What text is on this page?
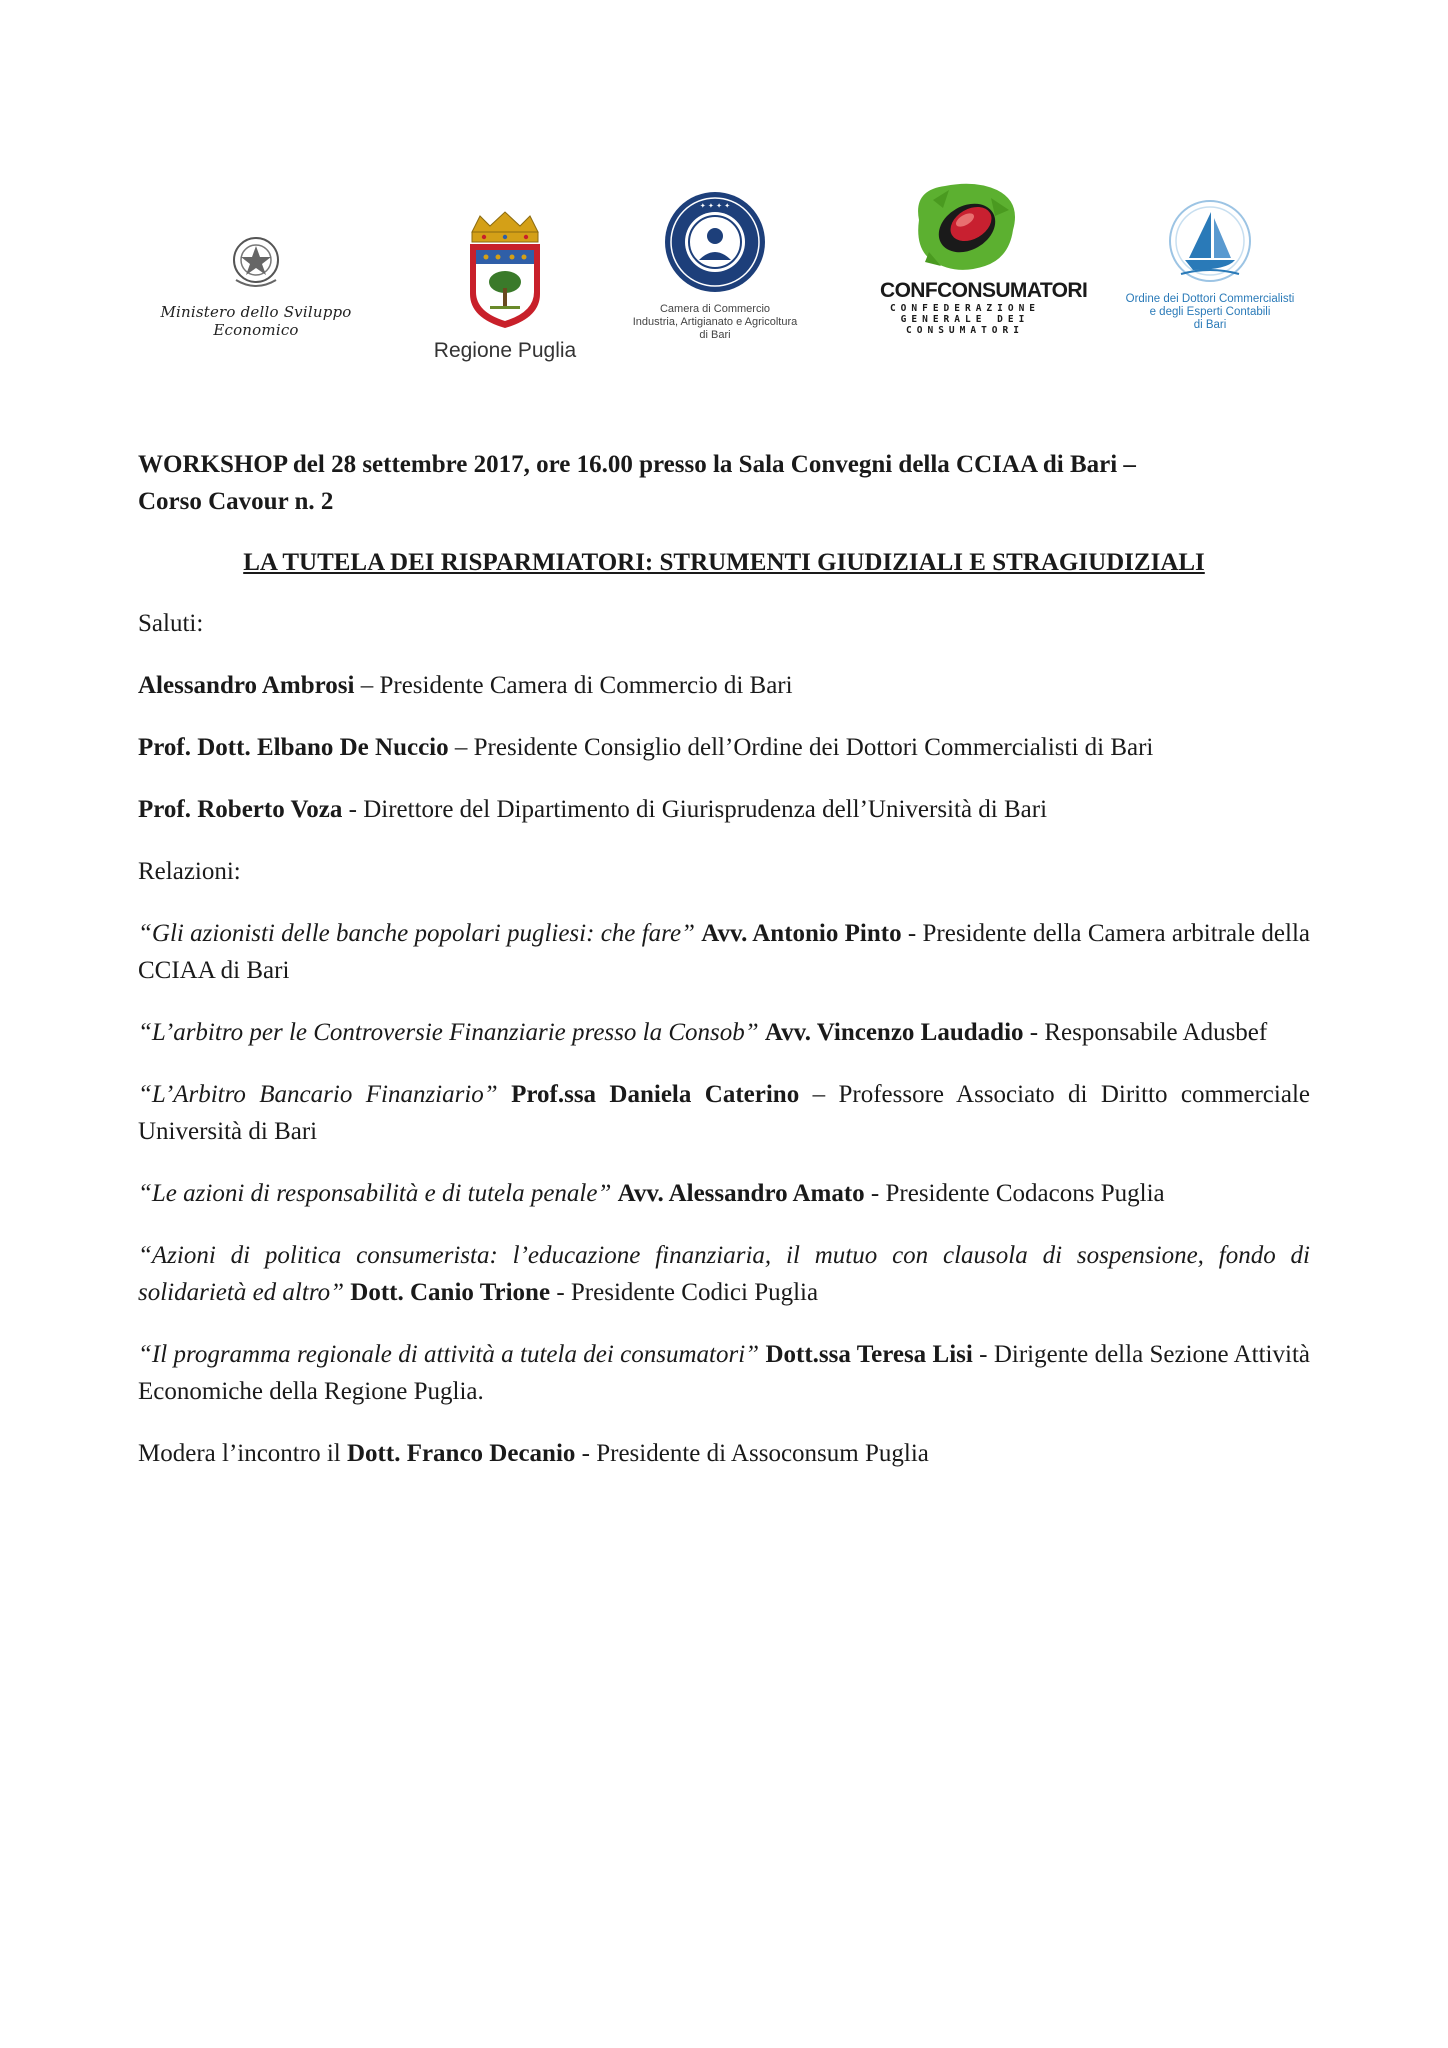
Ministero dello Sviluppo Economico
Regione Puglia
✦ ✦ ✦ ✦
Camera di Commercio
Industria, Artigianato e Agricoltura
di Bari
CONFCONSUMATORI
CONFEDERAZIONE
GENERALE DEI
CONSUMATORI
Ordine dei Dottori Commercialisti
e degli Esperti Contabili
di Bari

WORKSHOP del 28 settembre 2017, ore 16.00 presso la Sala Convegni della CCIAA di Bari –
Corso Cavour n. 2

LA TUTELA DEI RISPARMIATORI: STRUMENTI GIUDIZIALI E STRAGIUDIZIALI

Saluti:

Alessandro Ambrosi – Presidente Camera di Commercio di Bari

Prof. Dott. Elbano De Nuccio – Presidente Consiglio dell’Ordine dei Dottori Commercialisti di Bari

Prof. Roberto Voza - Direttore del Dipartimento di Giurisprudenza dell’Università di Bari

Relazioni:

“Gli azionisti delle banche popolari pugliesi: che fare” Avv. Antonio Pinto - Presidente della Camera arbitrale della CCIAA di Bari

“L’arbitro per le Controversie Finanziarie presso la Consob” Avv. Vincenzo Laudadio - Responsabile Adusbef

“L’Arbitro Bancario Finanziario” Prof.ssa Daniela Caterino – Professore Associato di Diritto commerciale Università di Bari

“Le azioni di responsabilità e di tutela penale” Avv. Alessandro Amato - Presidente Codacons Puglia

“Azioni di politica consumerista: l’educazione finanziaria, il mutuo con clausola di sospensione, fondo di solidarietà ed altro” Dott. Canio Trione - Presidente Codici Puglia

“Il programma regionale di attività a tutela dei consumatori” Dott.ssa Teresa Lisi - Dirigente della Sezione Attività Economiche della Regione Puglia.

Modera l’incontro il Dott. Franco Decanio - Presidente di Assoconsum Puglia
